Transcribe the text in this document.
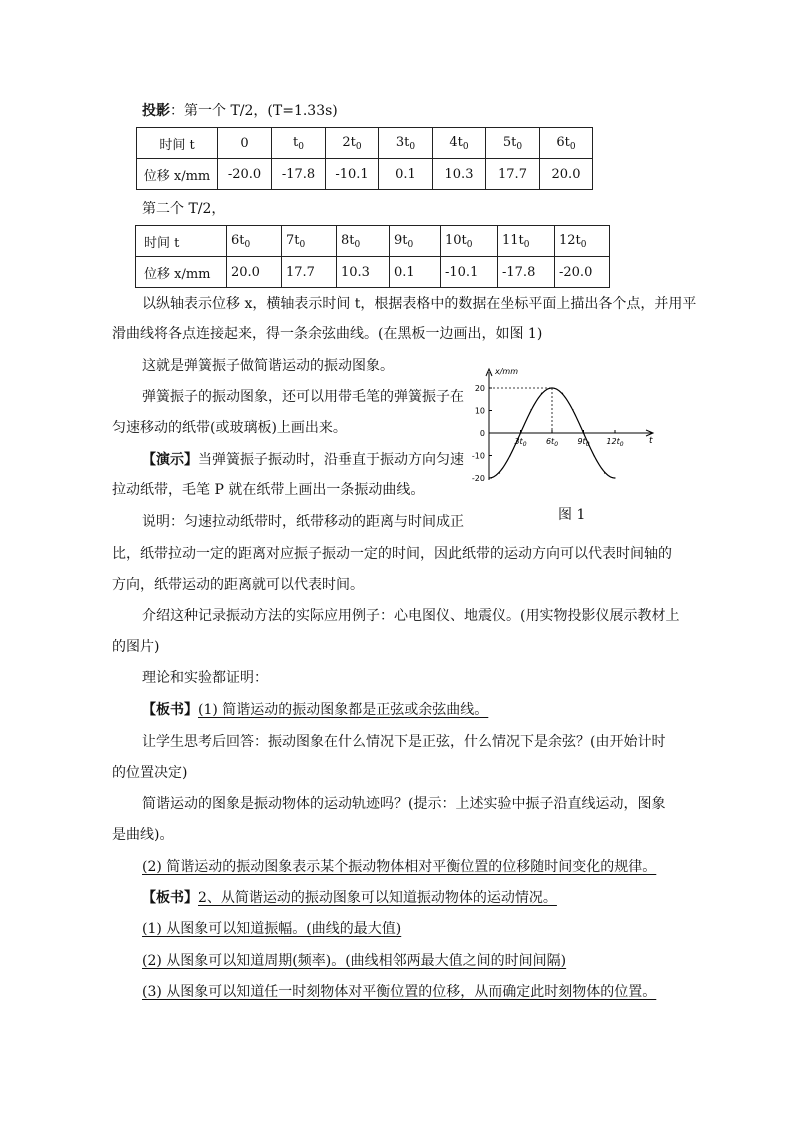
投影：第一个 T/2，(T=1.33s)
时间 t	0	$t_0$	$2t_0$	$3t_0$	$4t_0$	$5t_0$	$6t_0$
位移 x/mm	-20.0	-17.8	-10.1	0.1	10.3	17.7	20.0
第二个 T/2，
时间 t	$6t_0$	$7t_0$	$8t_0$	$9t_0$	$10t_0$	$11t_0$	$12t_0$
位移 x/mm	20.0	17.7	10.3	0.1	-10.1	-17.8	-20.0
以纵轴表示位移 x，横轴表示时间 t，根据表格中的数据在坐标平面上描出各个点，并用平
滑曲线将各点连接起来，得一条余弦曲线。(在黑板一边画出，如图 1)
这就是弹簧振子做简谐运动的振动图象。
弹簧振子的振动图象，还可以用带毛笔的弹簧振子在
匀速移动的纸带(或玻璃板)上画出来。
【演示】当弹簧振子振动时，沿垂直于振动方向匀速
拉动纸带，毛笔 P 就在纸带上画出一条振动曲线。
说明：匀速拉动纸带时，纸带移动的距离与时间成正
比，纸带拉动一定的距离对应振子振动一定的时间，因此纸带的运动方向可以代表时间轴的
方向，纸带运动的距离就可以代表时间。
介绍这种记录振动方法的实际应用例子：心电图仪、地震仪。(用实物投影仪展示教材上
的图片)
理论和实验都证明：
【板书】(1) 简谐运动的振动图象都是正弦或余弦曲线。
让学生思考后回答：振动图象在什么情况下是正弦，什么情况下是余弦？(由开始计时
的位置决定)
简谐运动的图象是振动物体的运动轨迹吗？(提示：上述实验中振子沿直线运动，图象
是曲线)。
(2) 简谐运动的振动图象表示某个振动物体相对平衡位置的位移随时间变化的规律。
【板书】2、从简谐运动的振动图象可以知道振动物体的运动情况。
(1) 从图象可以知道振幅。(曲线的最大值)
(2) 从图象可以知道周期(频率)。(曲线相邻两最大值之间的时间间隔)
(3) 从图象可以知道任一时刻物体对平衡位置的位移，从而确定此时刻物体的位置。
x/mm
t
20
10
0
-10
-20
$3t_0$ $6t_0$ $9t_0$ $12t_0$
图 1
